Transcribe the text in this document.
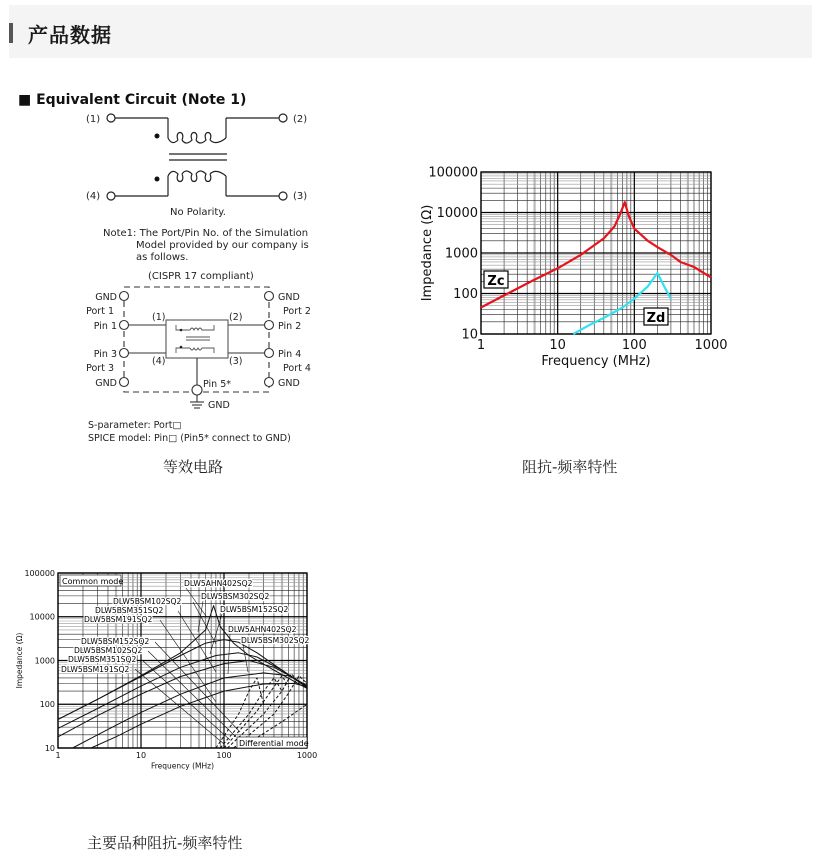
产品数据
■ Equivalent Circuit (Note 1)
(1)	(2)
(3)
(4)
No Polarity.
Note1: The Port/Pin No. of the Simulation
Model provided by our company is
as follows.
(CISPR 17 compliant)
GND
Port 1
Pin 1
Pin 3
Port 3
GND
GND
Port 2
Pin 2
Pin 4
Port 4
GND
(1)	(2)
(3)
(4)
Pin 5*
GND
S-parameter: Port□
SPICE model: Pin□ (Pin5* connect to GND)
等效电路
1	10	100	1000
10
100
1000
10000
100000
Frequency (MHz)
Impedance (Ω)	Zc
Zd
阻抗-频率特性
1	10	100	1000
10
100
1000
10000
100000
Frequency (MHz)
Impedance (Ω)
DLW5AHN402SQ2
DLW5BSM102SQ2
DLW5BSM302SQ2
DLW5BSM351SQ2	DLW5BSM152SQ2
DLW5BSM191SQ2
DLW5AHN402SQ2
DLW5BSM152SQ2	DLW5BSM302SQ2
DLW5BSM102SQ2
DLW5BSM351SQ2
DLW5BSM191SQ2
Common mode
Differential mode
主要品种阻抗-频率特性
